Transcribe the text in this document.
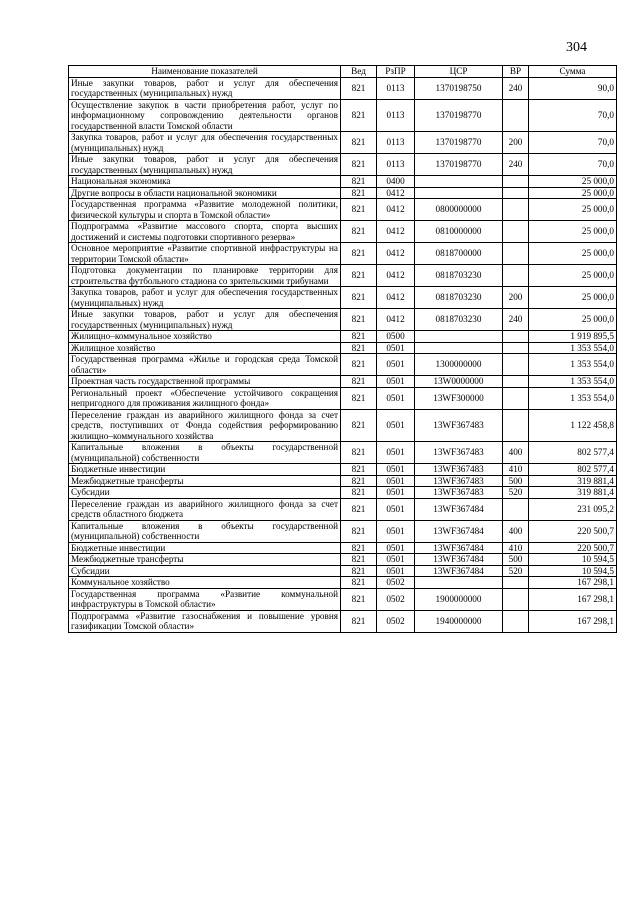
304
Наименование показателей	Вед	РзПР	ЦСР	ВР	Сумма
Иные закупки товаров, работ и услуг для обеспечения государственных (муниципальных) нужд	821	0113	1370198750	240	90,0
Осуществление закупок в части приобретения работ, услуг по информационному сопровождению деятельности органов государственной власти Томской области	821	0113	1370198770		70,0
Закупка товаров, работ и услуг для обеспечения государственных (муниципальных) нужд	821	0113	1370198770	200	70,0
Иные закупки товаров, работ и услуг для обеспечения государственных (муниципальных) нужд	821	0113	1370198770	240	70,0
Национальная экономика	821	0400			25 000,0
Другие вопросы в области национальной экономики	821	0412			25 000,0
Государственная программа «Развитие молодежной политики, физической культуры и спорта в Томской области»	821	0412	0800000000		25 000,0
Подпрограмма «Развитие массового спорта, спорта высших достижений и системы подготовки спортивного резерва»	821	0412	0810000000		25 000,0
Основное мероприятие «Развитие спортивной инфраструктуры на территории Томской области»	821	0412	0818700000		25 000,0
Подготовка документации по планировке территории для строительства футбольного стадиона со зрительскими трибунами	821	0412	0818703230		25 000,0
Закупка товаров, работ и услуг для обеспечения государственных (муниципальных) нужд	821	0412	0818703230	200	25 000,0
Иные закупки товаров, работ и услуг для обеспечения государственных (муниципальных) нужд	821	0412	0818703230	240	25 000,0
Жилищно–коммунальное хозяйство	821	0500			1 919 895,5
Жилищное хозяйство	821	0501			1 353 554,0
Государственная программа «Жилье и городская среда Томской области»	821	0501	1300000000		1 353 554,0
Проектная часть государственной программы	821	0501	13W0000000		1 353 554,0
Региональный проект «Обеспечение устойчивого сокращения непригодного для проживания жилищного фонда»	821	0501	13WF300000		1 353 554,0
Переселение граждан из аварийного жилищного фонда за счет средств, поступивших от Фонда содействия реформированию жилищно–коммунального хозяйства	821	0501	13WF367483		1 122 458,8
Капитальные вложения в объекты государственной (муниципальной) собственности	821	0501	13WF367483	400	802 577,4
Бюджетные инвестиции	821	0501	13WF367483	410	802 577,4
Межбюджетные трансферты	821	0501	13WF367483	500	319 881,4
Субсидии	821	0501	13WF367483	520	319 881,4
Переселение граждан из аварийного жилищного фонда за счет средств областного бюджета	821	0501	13WF367484		231 095,2
Капитальные вложения в объекты государственной (муниципальной) собственности	821	0501	13WF367484	400	220 500,7
Бюджетные инвестиции	821	0501	13WF367484	410	220 500,7
Межбюджетные трансферты	821	0501	13WF367484	500	10 594,5
Субсидии	821	0501	13WF367484	520	10 594,5
Коммунальное хозяйство	821	0502			167 298,1
Государственная программа «Развитие коммунальной инфраструктуры в Томской области»	821	0502	1900000000		167 298,1
Подпрограмма «Развитие газоснабжения и повышение уровня газификации Томской области»	821	0502	1940000000		167 298,1
